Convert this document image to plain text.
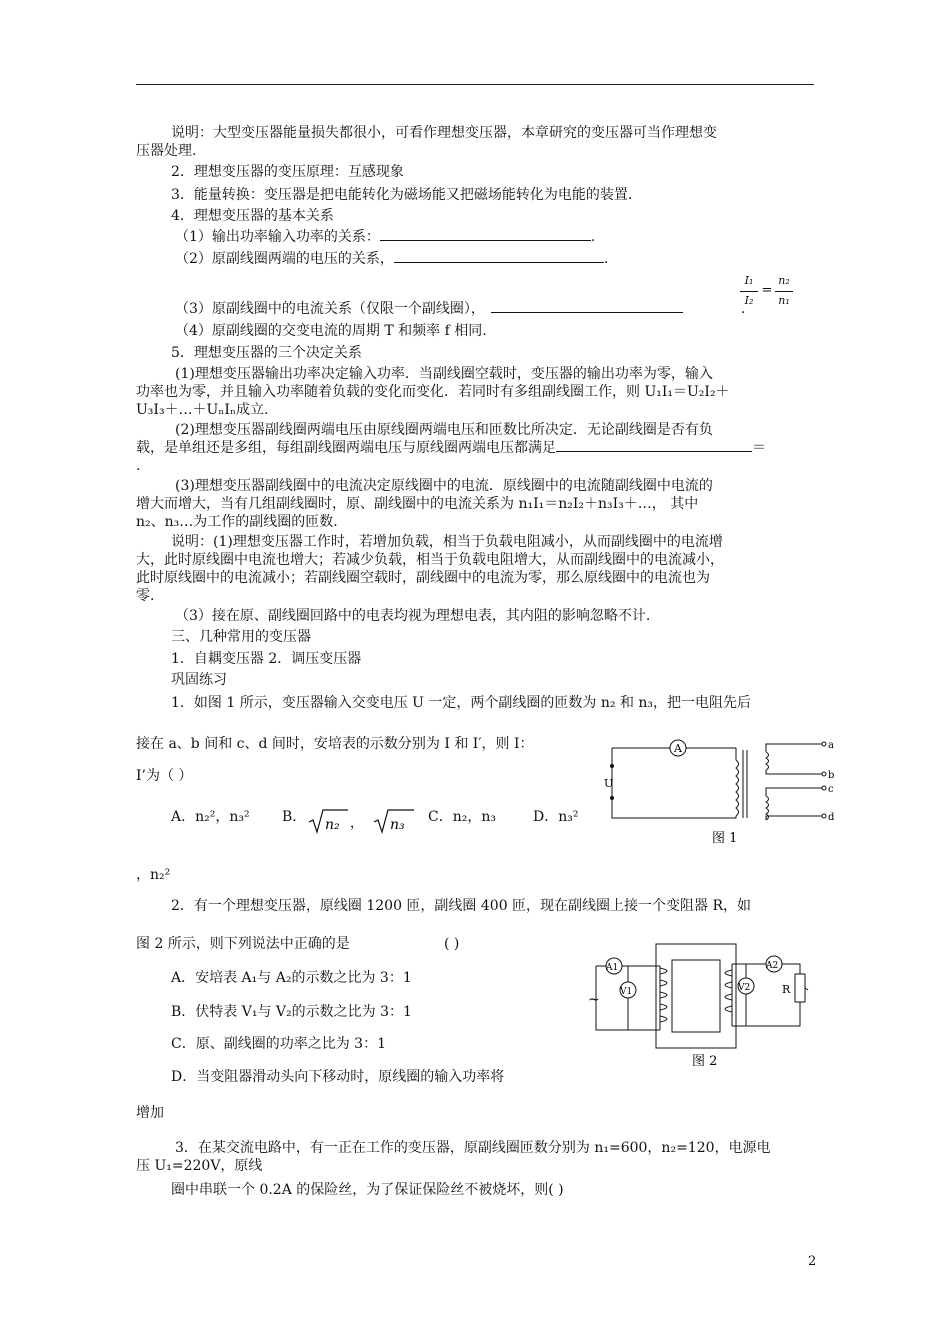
说明：大型变压器能量损失都很小，可看作理想变压器，本章研究的变压器可当作理想变
压器处理.
2．理想变压器的变压原理：互感现象
3．能量转换：变压器是把电能转化为磁场能又把磁场能转化为电能的装置.
4．理想变压器的基本关系
（1）输出功率输入功率的关系：	.
（2）原副线圈两端的电压的关系，	.
I₁
I₂
=
n₂
n₁
（3）原副线圈中的电流关系（仅限一个副线圈），	.
（4）原副线圈的交变电流的周期 T 和频率 f 相同.
5．理想变压器的三个决定关系
(1)理想变压器输出功率决定输入功率．当副线圈空载时，变压器的输出功率为零，输入
功率也为零，并且输入功率随着负载的变化而变化．若同时有多组副线圈工作，则 U₁I₁＝U₂I₂＋
U₃I₃＋…＋UₙIₙ成立.
(2)理想变压器副线圈两端电压由原线圈两端电压和匝数比所决定．无论副线圈是否有负
载，是单组还是多组，每组副线圈两端电压与原线圈两端电压都满足	＝
.
(3)理想变压器副线圈中的电流决定原线圈中的电流．原线圈中的电流随副线圈中电流的
增大而增大，当有几组副线圈时，原、副线圈中的电流关系为 n₁I₁＝n₂I₂＋n₃I₃＋…， 其中
n₂、n₃…为工作的副线圈的匝数.
说明：(1)理想变压器工作时，若增加负载，相当于负载电阻减小，从而副线圈中的电流增
大，此时原线圈中电流也增大；若减少负载，相当于负载电阻增大，从而副线圈中的电流减小，
此时原线圈中的电流减小；若副线圈空载时，副线圈中的电流为零，那么原线圈中的电流也为
零.
（3）接在原、副线圈回路中的电表均视为理想电表，其内阻的影响忽略不计.
三、几种常用的变压器
1．自耦变压器 2．调压变压器
巩固练习
1．如图 1 所示，变压器输入交变电压 U 一定，两个副线圈的匝数为 n₂ 和 n₃，把一电阻先后
接在 a、b 间和 c、d 间时，安培表的示数分别为 I 和 I′，则 I：
I’为（ ）
A．n₂²，n₃² B． n₂ ， n₃ C．n₂，n₃	D．n₃²
，n₂²
A
U
a
b
c
d
图 1
2．有一个理想变压器，原线圈 1200 匝，副线圈 400 匝，现在副线圈上接一个变阻器 R，如
图 2 所示，则下列说法中正确的是	( )
A．安培表 A₁与 A₂的示数之比为 3：1
B．伏特表 V₁与 V₂的示数之比为 3：1
C．原、副线圈的功率之比为 3：1
D．当变阻器滑动头向下移动时，原线圈的输入功率将
增加
~
A1
V1	V2
A2
R
图 2
3．在某交流电路中，有一正在工作的变压器，原副线圈匝数分别为 n₁=600，n₂=120，电源电
压 U₁=220V，原线
圈中串联一个 0.2A 的保险丝，为了保证保险丝不被烧坏，则( )
2
